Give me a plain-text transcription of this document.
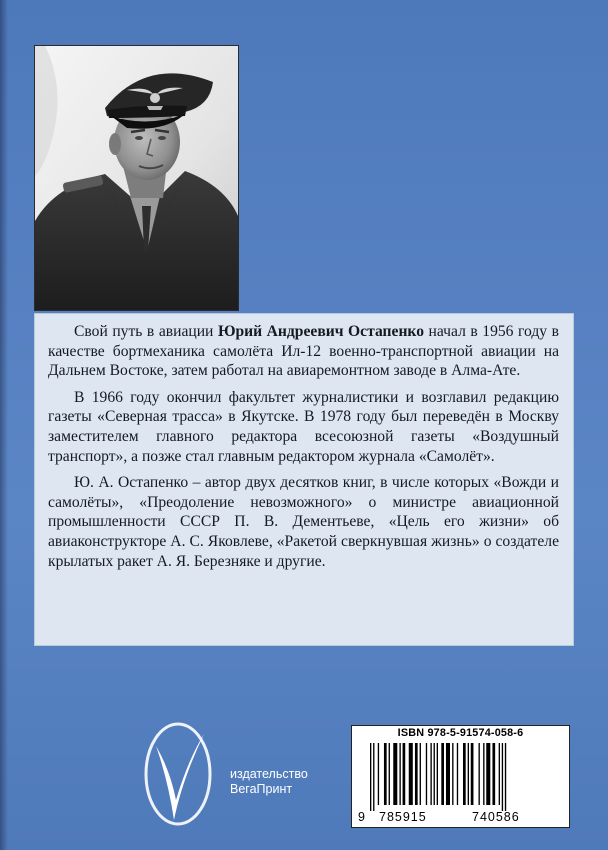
Свой путь в авиации Юрий Андреевич Остапенко начал в 1956 году в качестве бортмеханика самолёта Ил-12 военно-транспортной авиации на Дальнем Востоке, затем работал на авиаремонтном заводе в Алма-Ате.

В 1966 году окончил факультет журналистики и возглавил редакцию газеты «Северная трасса» в Якутске. В 1978 году был переведён в Москву заместителем главного редактора всесоюзной газеты «Воздушный транспорт», а позже стал главным редактором журнала «Самолёт».

Ю. А. Остапенко – автор двух десятков книг, в числе которых «Вожди и самолёты», «Преодоление невозможного» о министре авиационной промышленности СССР П. В. Дементьеве, «Цель его жизни» об авиаконструкторе А. С. Яковлеве, «Ракетой сверкнувшая жизнь» о создателе крылатых ракет А. Я. Березняке и другие.

издательство
ВегаПринт
ISBN 978-5-91574-058-6
9 785915	740586
